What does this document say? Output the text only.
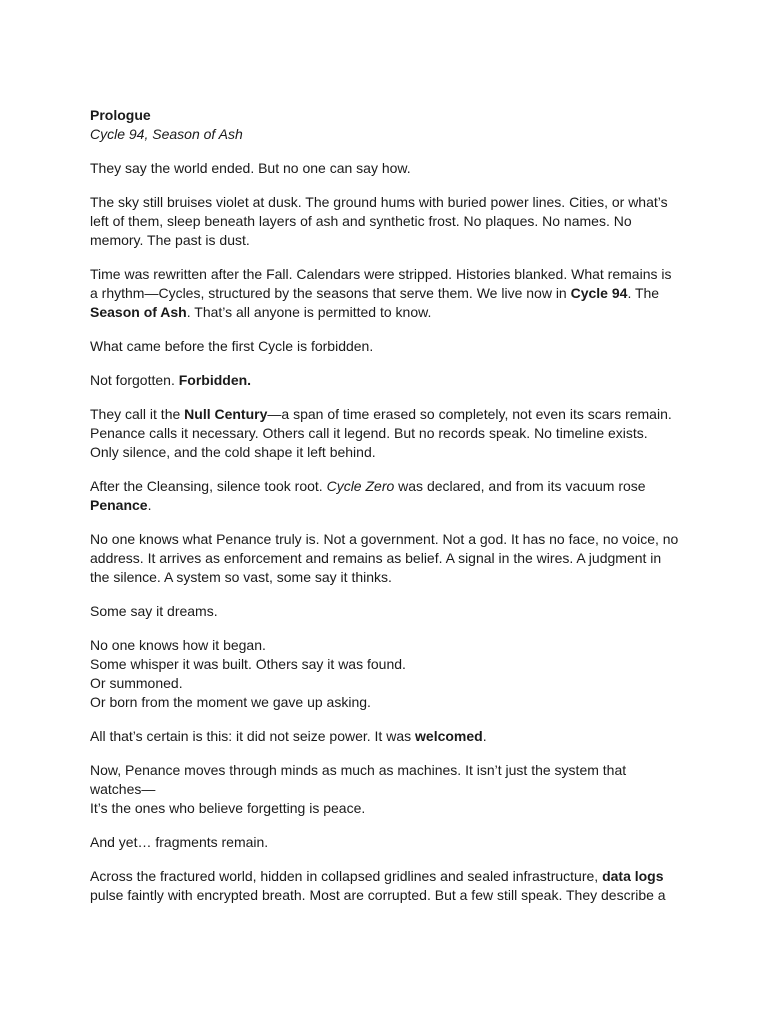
Prologue
Cycle 94, Season of Ash

They say the world ended. But no one can say how.

The sky still bruises violet at dusk. The ground hums with buried power lines. Cities, or what’s left of them, sleep beneath layers of ash and synthetic frost. No plaques. No names. No memory. The past is dust.

Time was rewritten after the Fall. Calendars were stripped. Histories blanked. What remains is a rhythm—Cycles, structured by the seasons that serve them. We live now in Cycle 94. The Season of Ash. That’s all anyone is permitted to know.

What came before the first Cycle is forbidden.

Not forgotten. Forbidden.

They call it the Null Century—a span of time erased so completely, not even its scars remain. Penance calls it necessary. Others call it legend. But no records speak. No timeline exists. Only silence, and the cold shape it left behind.

After the Cleansing, silence took root. Cycle Zero was declared, and from its vacuum rose Penance.

No one knows what Penance truly is. Not a government. Not a god. It has no face, no voice, no address. It arrives as enforcement and remains as belief. A signal in the wires. A judgment in the silence. A system so vast, some say it thinks.

Some say it dreams.

No one knows how it began.
Some whisper it was built. Others say it was found.
Or summoned.
Or born from the moment we gave up asking.

All that’s certain is this: it did not seize power. It was welcomed.

Now, Penance moves through minds as much as machines. It isn’t just the system that watches—
It’s the ones who believe forgetting is peace.

And yet… fragments remain.

Across the fractured world, hidden in collapsed gridlines and sealed infrastructure, data logs pulse faintly with encrypted breath. Most are corrupted. But a few still speak. They describe a
